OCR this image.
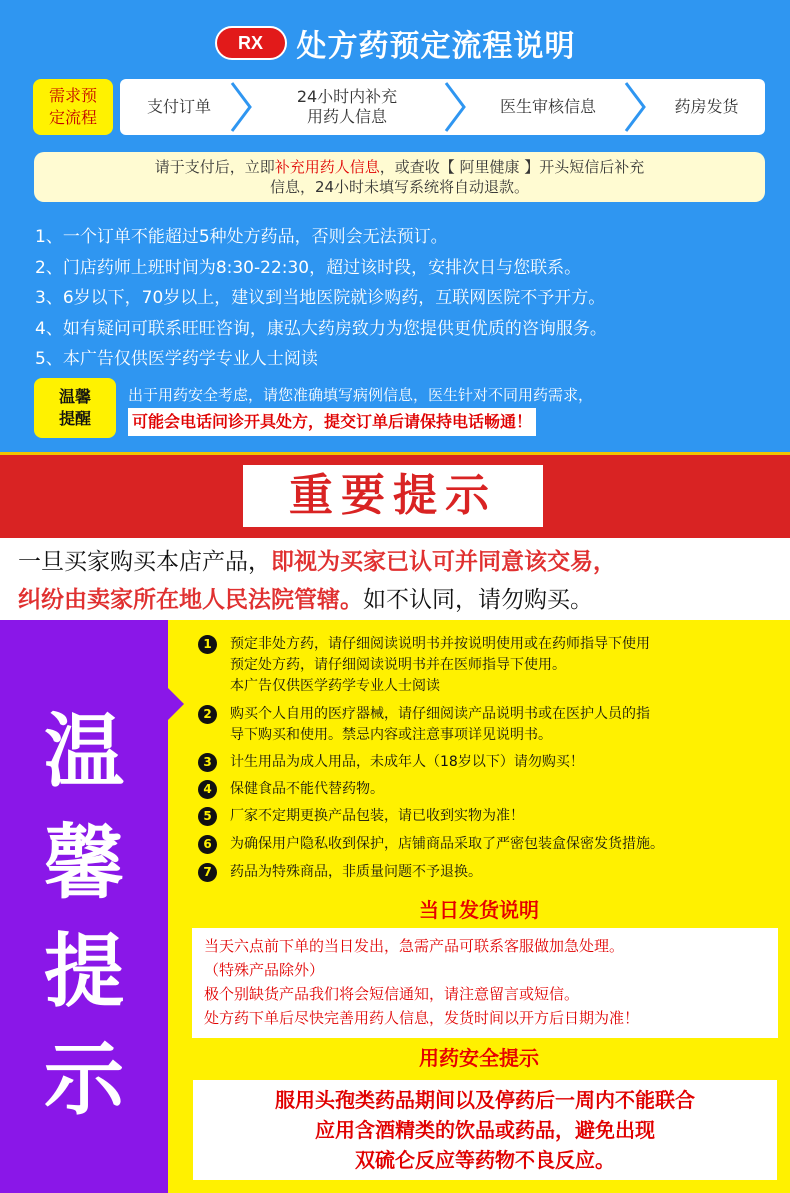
RX	处方药预定流程说明
需求预
定流程
支付订单
24小时内补充
用药人信息
医生审核信息	药房发货
请于支付后，立即补充用药人信息，或查收【 阿里健康 】开头短信后补充
信息，24小时未填写系统将自动退款。
1、一个订单不能超过5种处方药品，否则会无法预订。
2、门店药师上班时间为8:30-22:30，超过该时段，安排次日与您联系。
3、6岁以下，70岁以上，建议到当地医院就诊购药，互联网医院不予开方。
4、如有疑问可联系旺旺咨询，康弘大药房致力为您提供更优质的咨询服务。
5、本广告仅供医学药学专业人士阅读
温馨
提醒
出于用药安全考虑，请您准确填写病例信息，医生针对不同用药需求，
可能会电话问诊开具处方，提交订单后请保持电话畅通！
重要提示
一旦买家购买本店产品，即视为买家已认可并同意该交易，
纠纷由卖家所在地人民法院管辖。如不认同，请勿购买。
温
馨
提
示
1	预定非处方药，请仔细阅读说明书并按说明使用或在药师指导下使用
预定处方药，请仔细阅读说明书并在医师指导下使用。
本广告仅供医学药学专业人士阅读
2	购买个人自用的医疗器械，请仔细阅读产品说明书或在医护人员的指
导下购买和使用。禁忌内容或注意事项详见说明书。
3	计生用品为成人用品，未成年人（18岁以下）请勿购买！
4	保健食品不能代替药物。
5	厂家不定期更换产品包装，请已收到实物为准！
6	为确保用户隐私收到保护，店铺商品采取了严密包装盒保密发货措施。
7	药品为特殊商品，非质量问题不予退换。
当日发货说明
当天六点前下单的当日发出，急需产品可联系客服做加急处理。
（特殊产品除外）
极个别缺货产品我们将会短信通知，请注意留言或短信。
处方药下单后尽快完善用药人信息，发货时间以开方后日期为准！
用药安全提示
服用头孢类药品期间以及停药后一周内不能联合
应用含酒精类的饮品或药品，避免出现
双硫仑反应等药物不良反应。
